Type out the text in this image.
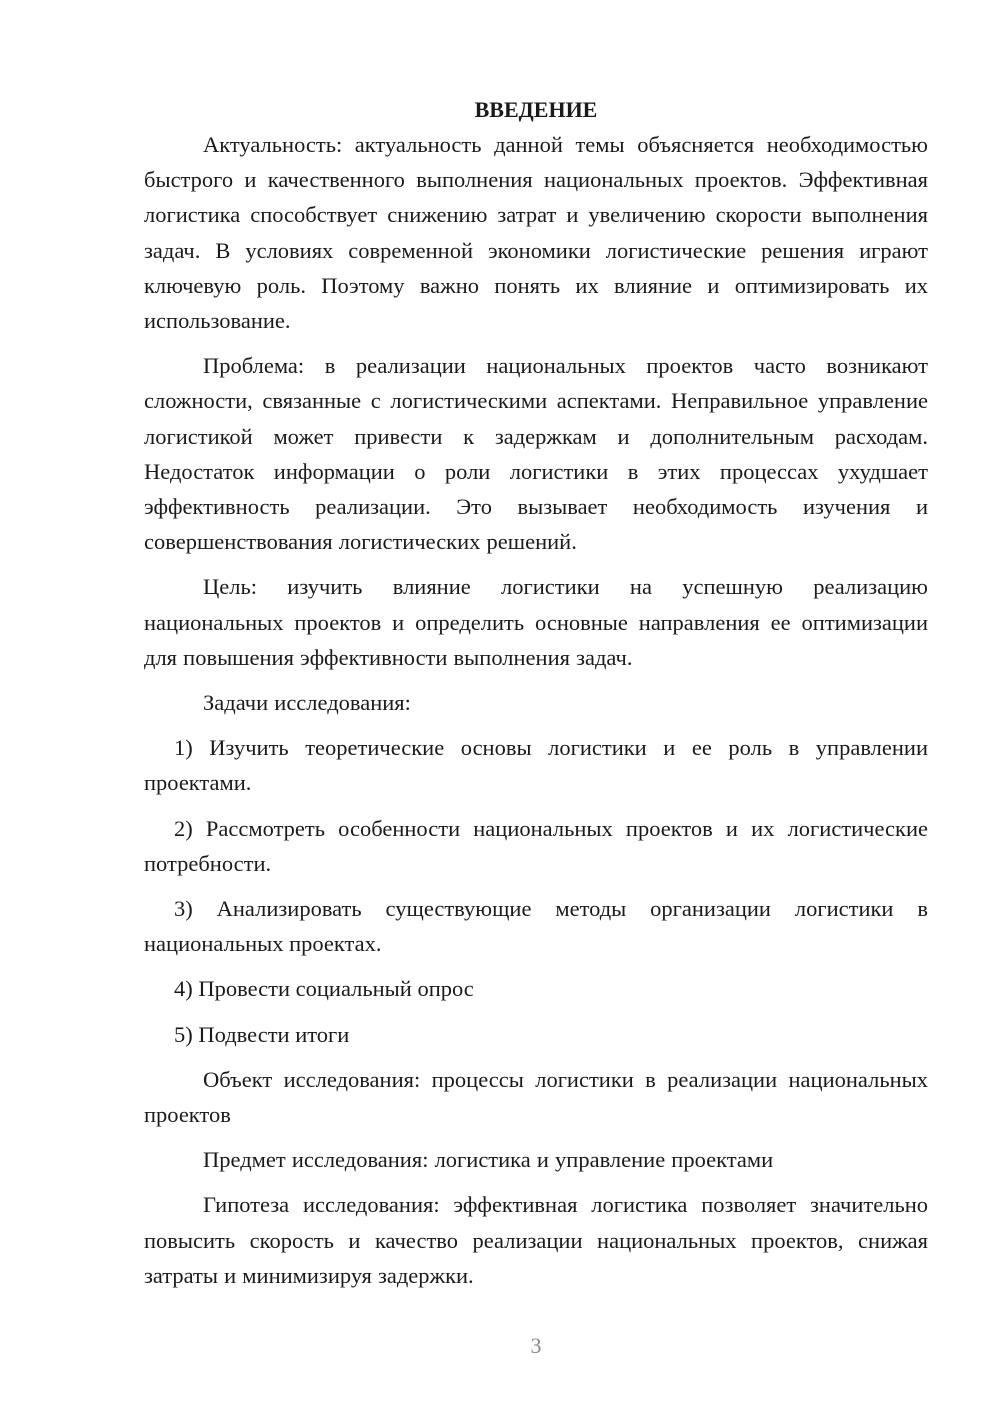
ВВЕДЕНИЕ

Актуальность: актуальность данной темы объясняется необходимостью быстрого и качественного выполнения национальных проектов. Эффективная логистика способствует снижению затрат и увеличению скорости выполнения задач. В условиях современной экономики логистические решения играют ключевую роль. Поэтому важно понять их влияние и оптимизировать их использование.

Проблема: в реализации национальных проектов часто возникают сложности, связанные с логистическими аспектами. Неправильное управление логистикой может привести к задержкам и дополнительным расходам. Недостаток информации о роли логистики в этих процессах ухудшает эффективность реализации. Это вызывает необходимость изучения и совершенствования логистических решений.

Цель: изучить влияние логистики на успешную реализацию национальных проектов и определить основные направления ее оптимизации для повышения эффективности выполнения задач.

Задачи исследования:

1) Изучить теоретические основы логистики и ее роль в управлении проектами.

2) Рассмотреть особенности национальных проектов и их логистические потребности.

3) Анализировать существующие методы организации логистики в национальных проектах.

4) Провести социальный опрос

5) Подвести итоги

Объект исследования: процессы логистики в реализации национальных проектов

Предмет исследования: логистика и управление проектами

Гипотеза исследования: эффективная логистика позволяет значительно повысить скорость и качество реализации национальных проектов, снижая затраты и минимизируя задержки.

3
